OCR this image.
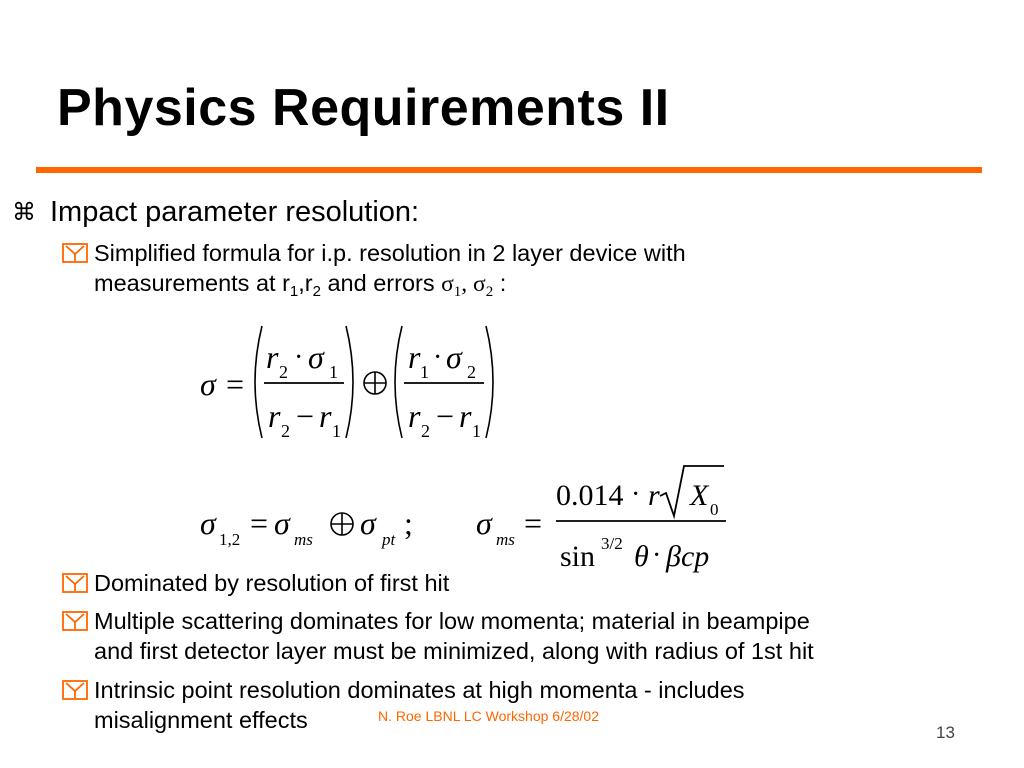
Physics Requirements II
⌘ Impact parameter resolution:
Simplified formula for i.p. resolution in 2 layer device with
measurements at $r_1,r_2$ and errors $\sigma_1$, $\sigma_2$ :
σ =
r 2 · σ 1
r 2 − r 1
r 1 · σ 2
r 2 − r 1
σ 1,2 = σ ms σ pt ; σ ms =
0.014 · r X 0
sin 3/2 θ · βcp
Dominated by resolution of first hit
Multiple scattering dominates for low momenta; material in beampipe
and first detector layer must be minimized, along with radius of 1st hit
Intrinsic point resolution dominates at high momenta - includes
misalignment effects	N. Roe LBNL LC Workshop 6/28/02
13
